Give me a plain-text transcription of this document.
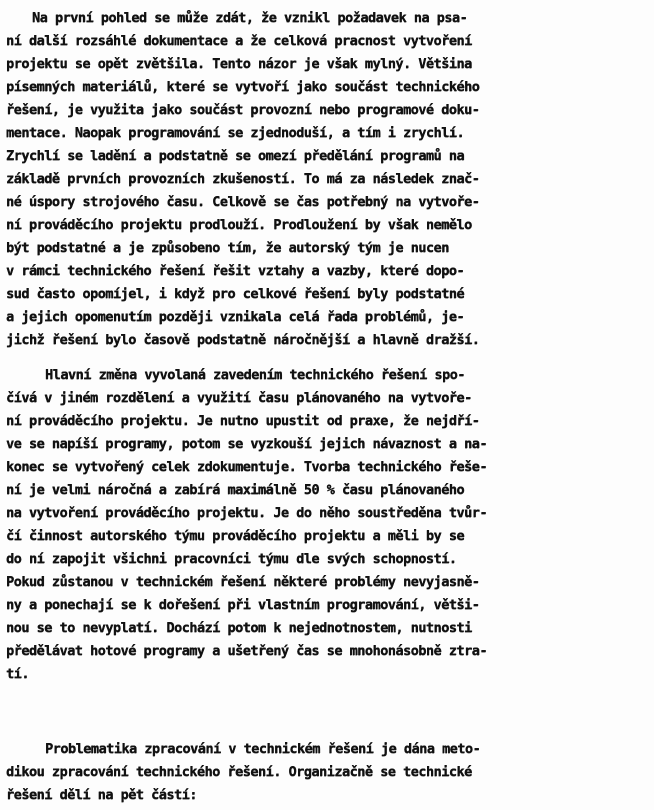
Na první pohled se může zdát, že vznikl požadavek na psa-
ní další rozsáhlé dokumentace a že celková pracnost vytvoření
projektu se opět zvětšila. Tento názor je však mylný. Většina
písemných materiálů, které se vytvoří jako součást technického
řešení, je využita jako součást provozní nebo programové doku-
mentace. Naopak programování se zjednoduší, a tím i zrychlí.
Zrychlí se ladění a podstatně se omezí předělání programů na
základě prvních provozních zkušeností. To má za následek znač-
né úspory strojového času. Celkově se čas potřebný na vytvoře-
ní prováděcího projektu prodlouží. Prodloužení by však nemělo
být podstatné a je způsobeno tím, že autorský tým je nucen
v rámci technického řešení řešit vztahy a vazby, které dopo-
sud často opomíjel, i když pro celkové řešení byly podstatné
a jejich opomenutím později vznikala celá řada problémů, je-
jichž řešení bylo časově podstatně náročnější a hlavně dražší.
Hlavní změna vyvolaná zavedením technického řešení spo-
čívá v jiném rozdělení a využití času plánovaného na vytvoře-
ní prováděcího projektu. Je nutno upustit od praxe, že nejdří-
ve se napíší programy, potom se vyzkouší jejich návaznost a na-
konec se vytvořený celek zdokumentuje. Tvorba technického řeše-
ní je velmi náročná a zabírá maximálně 50 % času plánovaného
na vytvoření prováděcího projektu. Je do něho soustředěna tvůr-
čí činnost autorského týmu prováděcího projektu a měli by se
do ní zapojit všichni pracovníci týmu dle svých schopností.
Pokud zůstanou v technickém řešení některé problémy nevyjasně-
ny a ponechají se k dořešení při vlastním programování, větši-
nou se to nevyplatí. Dochází potom k nejednotnostem, nutnosti
předělávat hotové programy a ušetřený čas se mnohonásobně ztra-
tí.
Problematika zpracování v technickém řešení je dána meto-
dikou zpracování technického řešení. Organizačně se technické
řešení dělí na pět částí:
